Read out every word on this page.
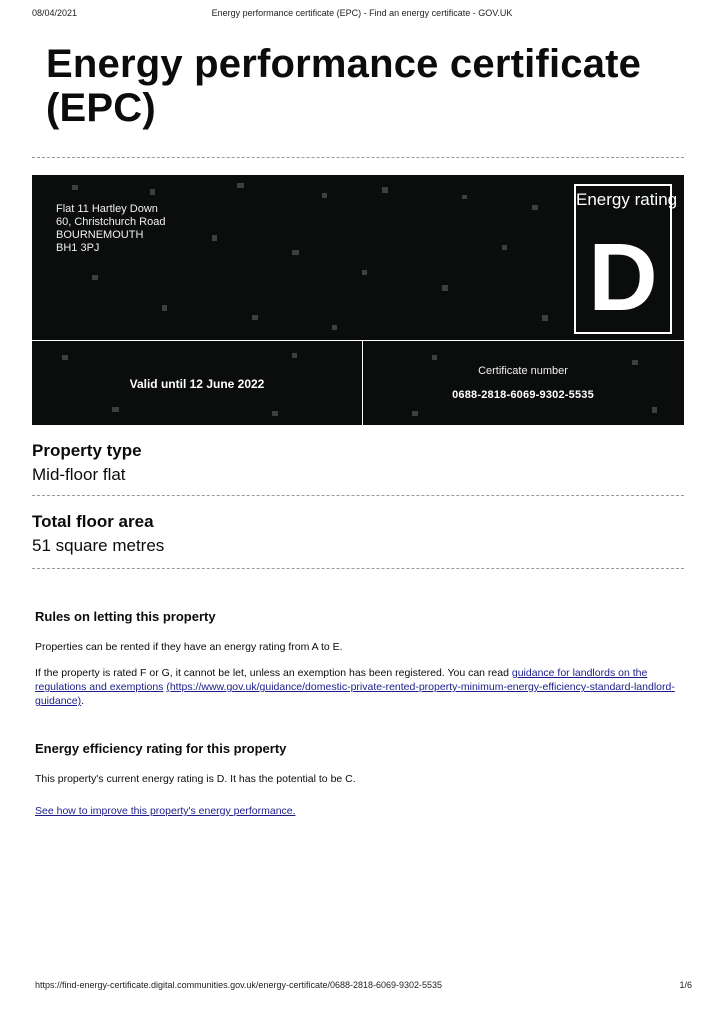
08/04/2021	Energy performance certificate (EPC) - Find an energy certificate - GOV.UK
Energy performance certificate
(EPC)
Flat 11 Hartley Down
60, Christchurch Road
BOURNEMOUTH
BH1 3PJ
Energy rating
D
Valid until 12 June 2022
Certificate number
0688-2818-6069-9302-5535
Property type
Mid-floor flat
Total floor area
51 square metres
Rules on letting this property
Properties can be rented if they have an energy rating from A to E.
If the property is rated F or G, it cannot be let, unless an exemption has been registered. You can read guidance for landlords on the regulations and exemptions (https://www.gov.uk/guidance/domestic-private-rented-property-minimum-energy-efficiency-standard-landlord-guidance).
Energy efficiency rating for this property
This property's current energy rating is D. It has the potential to be C.
See how to improve this property's energy performance.
https://find-energy-certificate.digital.communities.gov.uk/energy-certificate/0688-2818-6069-9302-5535	1/6
